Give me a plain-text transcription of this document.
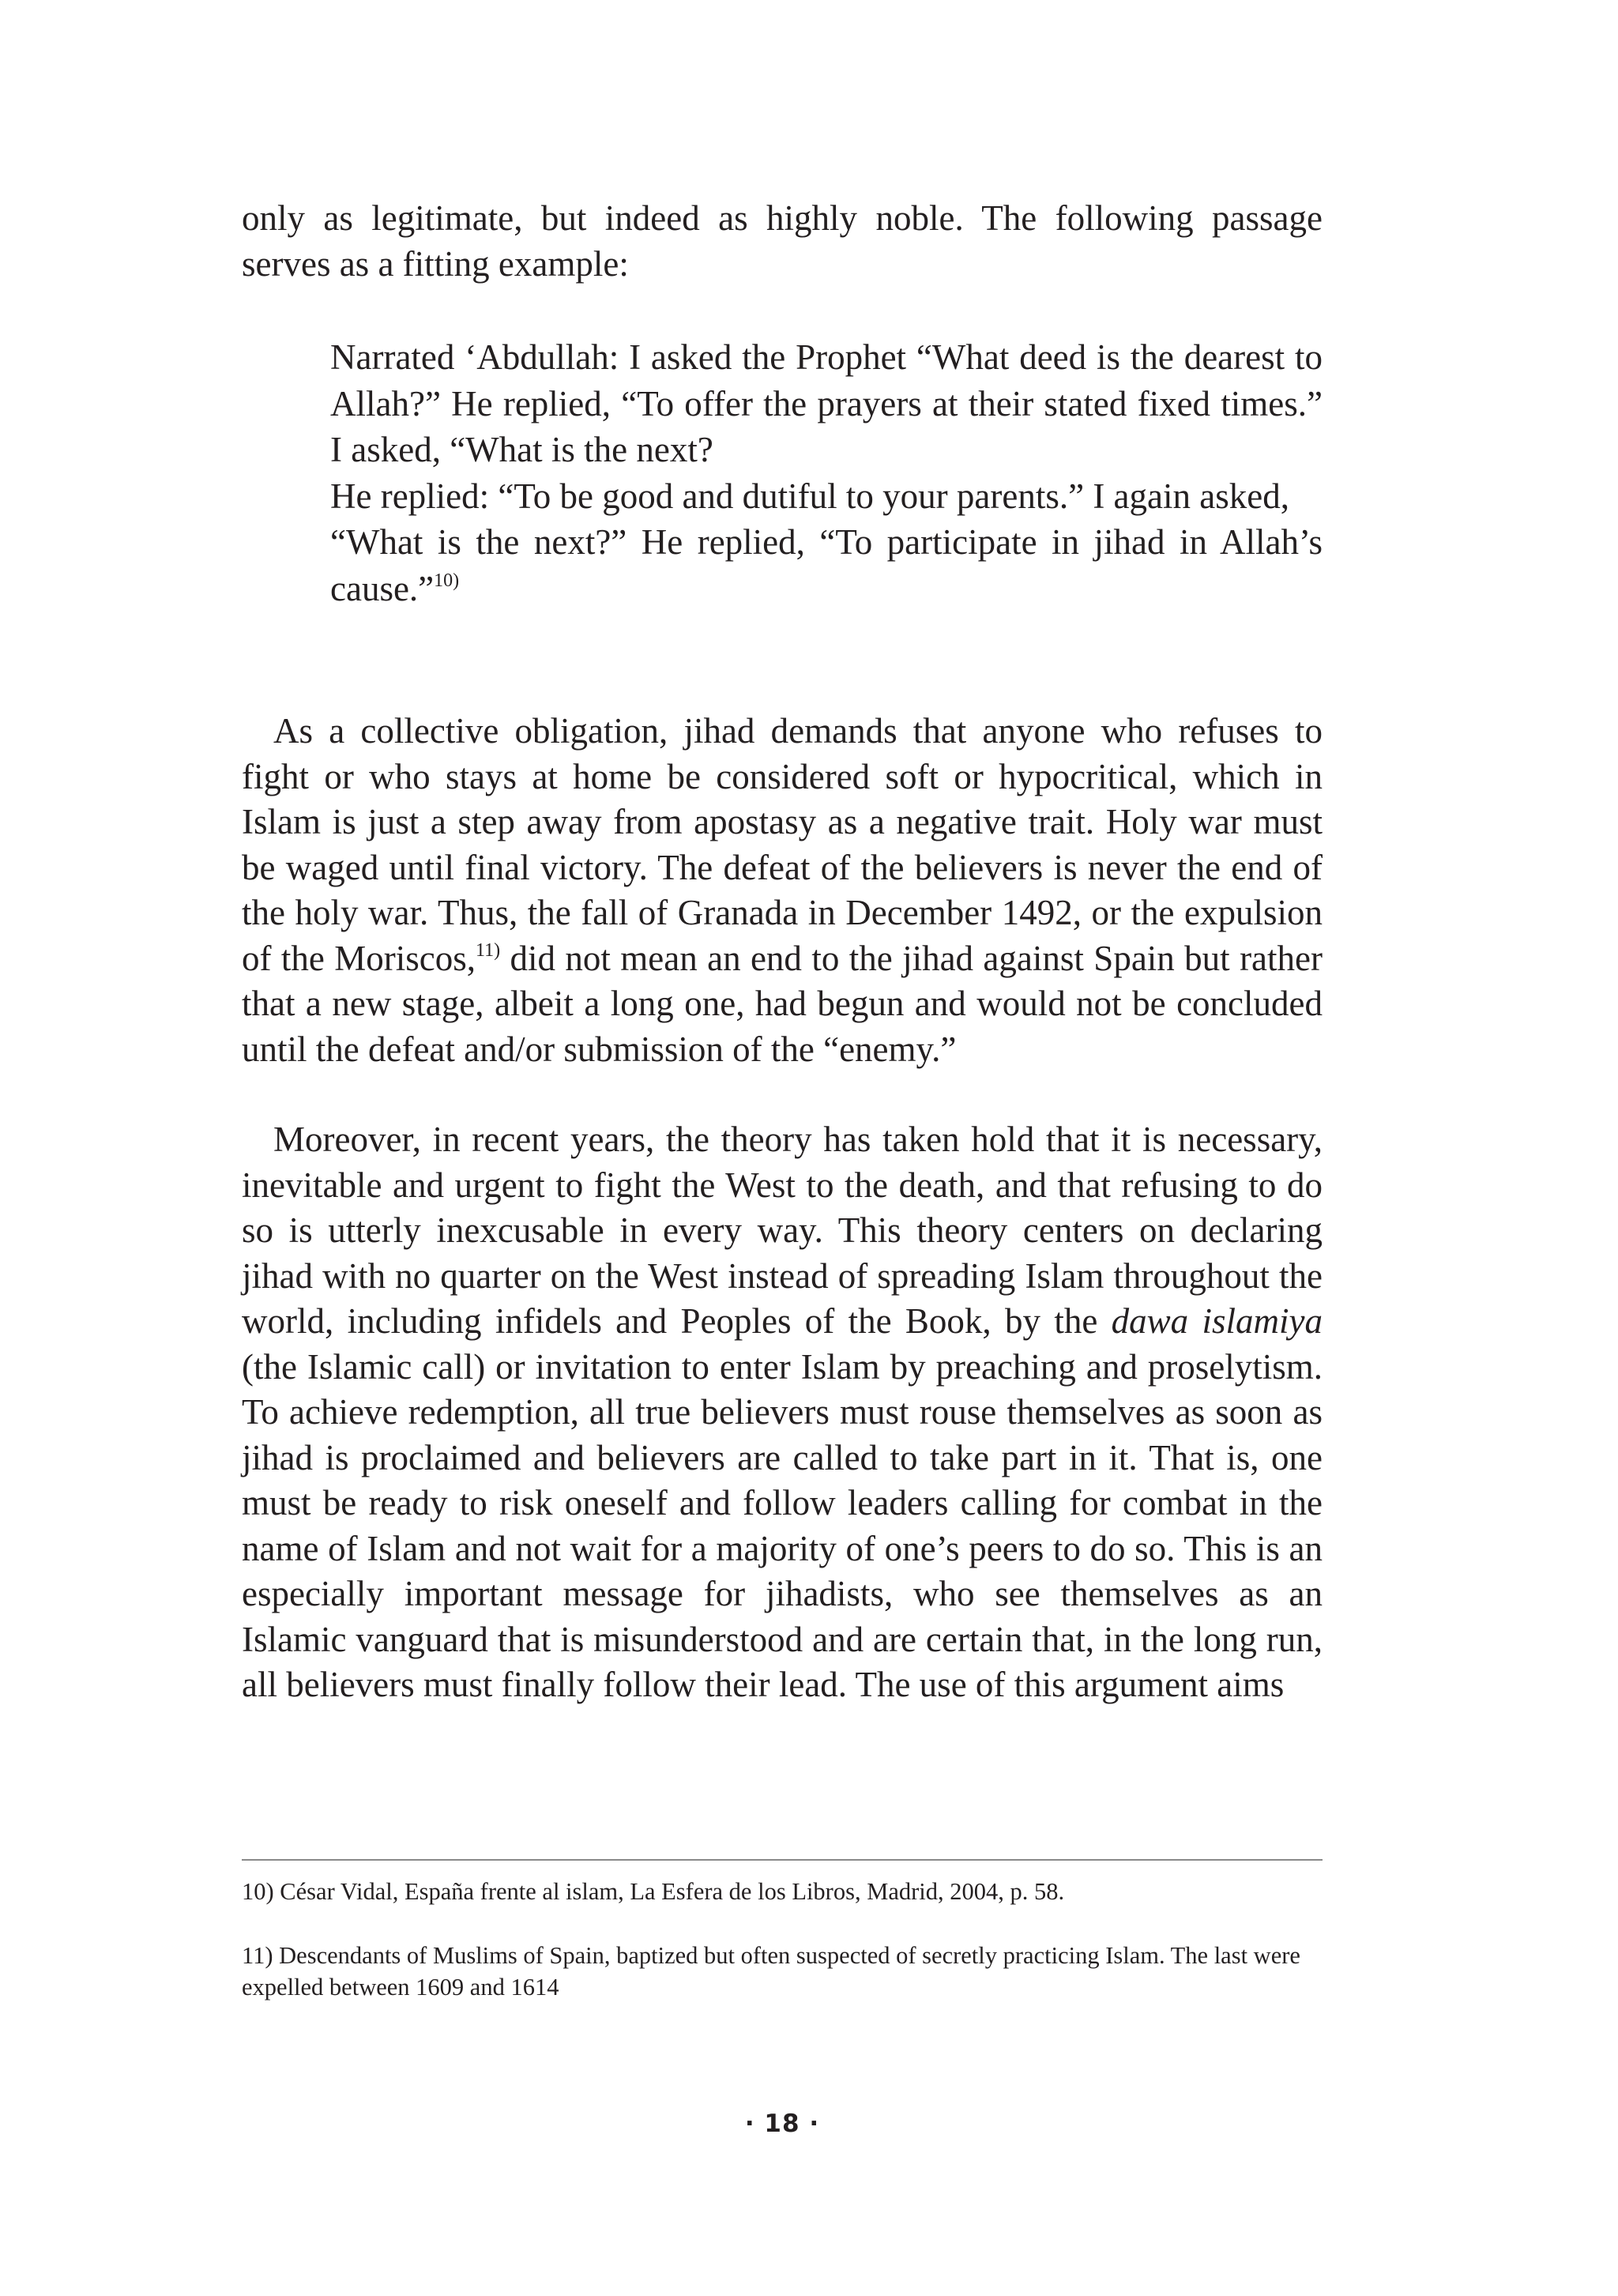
only as legitimate, but indeed as highly noble. The following passage serves as a fitting example:

Narrated ‘Abdullah: I asked the Prophet “What deed is the dearest to Allah?” He replied, “To offer the prayers at their stated fixed times.” I asked, “What is the next?

He replied: “To be good and dutiful to your parents.” I again asked,

“What is the next?” He replied, “To participate in jihad in Allah’s cause.”$^{10)}$

As a collective obligation, jihad demands that anyone who refuses to fight or who stays at home be considered soft or hypocritical, which in Islam is just a step away from apostasy as a negative trait. Holy war must be waged until final victory. The defeat of the believers is never the end of the holy war. Thus, the fall of Granada in December 1492, or the expulsion of the Moriscos,$^{11)}$ did not mean an end to the jihad against Spain but rather that a new stage, albeit a long one, had begun and would not be concluded until the defeat and/or submission of the “enemy.”

Moreover, in recent years, the theory has taken hold that it is necessary, inevitable and urgent to fight the West to the death, and that refusing to do so is utterly inexcusable in every way. This theory centers on declaring jihad with no quarter on the West instead of spreading Islam throughout the world, including infidels and Peoples of the Book, by the dawa islamiya (the Islamic call) or invitation to enter Islam by preaching and proselytism. To achieve redemption, all true believers must rouse themselves as soon as jihad is proclaimed and believers are called to take part in it. That is, one must be ready to risk oneself and follow leaders calling for combat in the name of Islam and not wait for a majority of one’s peers to do so. This is an especially important message for jihadists, who see themselves as an Islamic vanguard that is misunderstood and are certain that, in the long run, all believers must finally follow their lead. The use of this argument aims

10) César Vidal, España frente al islam, La Esfera de los Libros, Madrid, 2004, p. 58.

11) Descendants of Muslims of Spain, baptized but often suspected of secretly practicing Islam. The last were expelled between 1609 and 1614

· 18 ·
